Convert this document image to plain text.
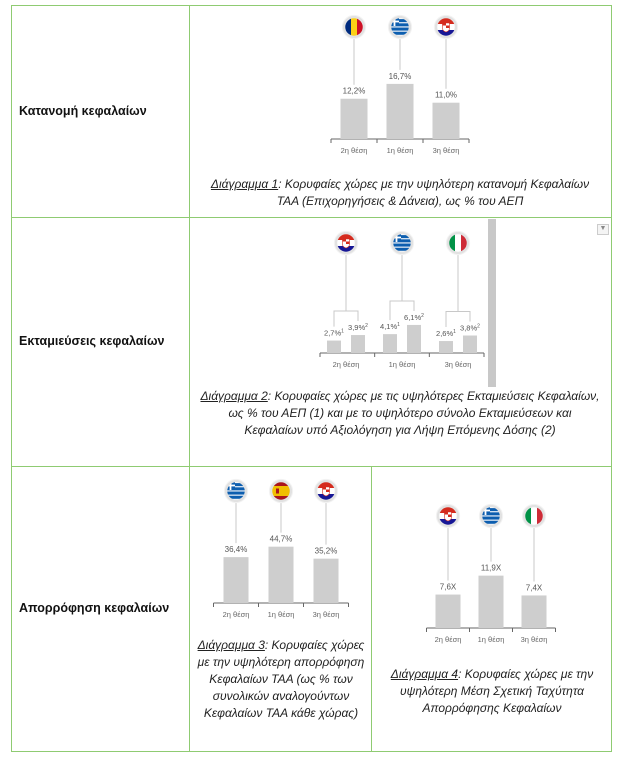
Κατανομή κεφαλαίων
Εκταμιεύσεις κεφαλαίων
Απορρόφηση κεφαλαίων
▼
12,2%
2η θέση
16,7%
1η θέση
11,0%
3η θέση
2,7%$^1$ 3,9%$^2$
2η θέση
4,1%$^1$
6,1%$^2$
1η θέση
2,6%$^1$ 3,8%$^2$
3η θέση
36,4%
2η θέση
44,7%
1η θέση
35,2%
3η θέση
7,6X
2η θέση
11,9X
1η θέση
7,4X
3η θέση
Διάγραμμα 1: Κορυφαίες χώρες με την υψηλότερη κατανομή Κεφαλαίων ΤΑΑ (Επιχορηγήσεις & Δάνεια), ως % του ΑΕΠ
Διάγραμμα 2: Κορυφαίες χώρες με τις υψηλότερες Εκταμιεύσεις Κεφαλαίων, ως % του ΑΕΠ (1) και με το υψηλότερο σύνολο Εκταμιεύσεων και Κεφαλαίων υπό Αξιολόγηση για Λήψη Επόμενης Δόσης (2)
Διάγραμμα 3: Κορυφαίες χώρες με την υψηλότερη απορρόφηση Κεφαλαίων ΤΑΑ (ως % των συνολικών αναλογούντων Κεφαλαίων ΤΑΑ κάθε χώρας)
Διάγραμμα 4: Κορυφαίες χώρες με την υψηλότερη Μέση Σχετική Ταχύτητα Απορρόφησης Κεφαλαίων
